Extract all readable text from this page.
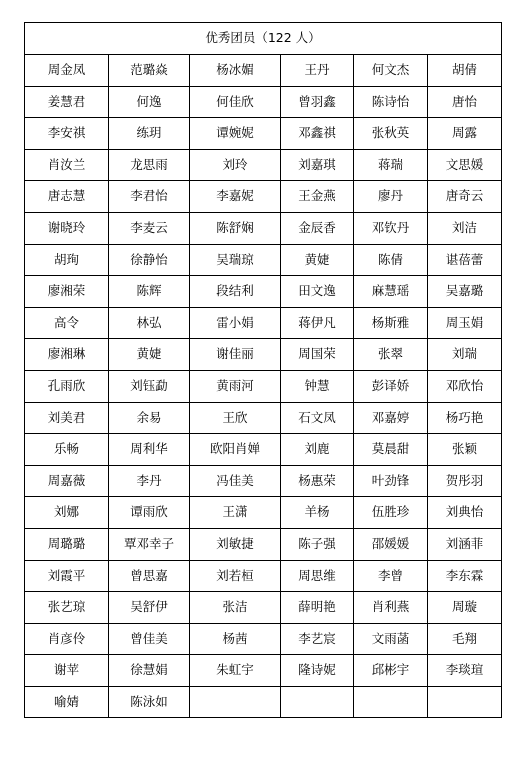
优秀团员（122 人）					
周金凤	范璐焱	杨冰媚	王丹	何文杰	胡倩
姜慧君	何逸	何佳欣	曾羽鑫	陈诗怡	唐怡
李安祺	练玥	谭婉妮	邓鑫祺	张秋英	周露
肖汝兰	龙思雨	刘玲	刘嘉琪	蒋瑞	文思媛
唐志慧	李君怡	李嘉妮	王金燕	廖丹	唐奇云
谢晓玲	李麦云	陈舒娴	金辰香	邓钦丹	刘洁
胡珣	徐静怡	吴瑞琼	黄婕	陈倩	谌蓓蕾
廖湘荣	陈辉	段结利	田文逸	麻慧瑶	吴嘉璐
高令	林弘	雷小娟	蒋伊凡	杨斯雅	周玉娟
廖湘琳	黄婕	谢佳丽	周国荣	张翠	刘瑞
孔雨欣	刘钰勐	黄雨河	钟慧	彭译娇	邓欣怡
刘美君	余易	王欣	石文凤	邓嘉婷	杨巧艳
乐畅	周利华	欧阳肖婵	刘鹿	莫晨甜	张颖
周嘉薇	李丹	冯佳美	杨惠荣	叶劲锋	贺彤羽
刘娜	谭雨欣	王潇	羊杨	伍胜珍	刘典怡
周璐璐	覃邓幸子	刘敏捷	陈子强	邵媛媛	刘涵菲
刘霞平	曾思嘉	刘若桓	周思维	李曾	李东霖
张艺琼	吴舒伊	张洁	薛明艳	肖利燕	周璇
肖彦伶	曾佳美	杨茜	李艺宸	文雨菡	毛翔
谢苹	徐慧娟	朱虹宇	隆诗妮	邱彬宇	李琰瑄
喻婧	陈泳如				
